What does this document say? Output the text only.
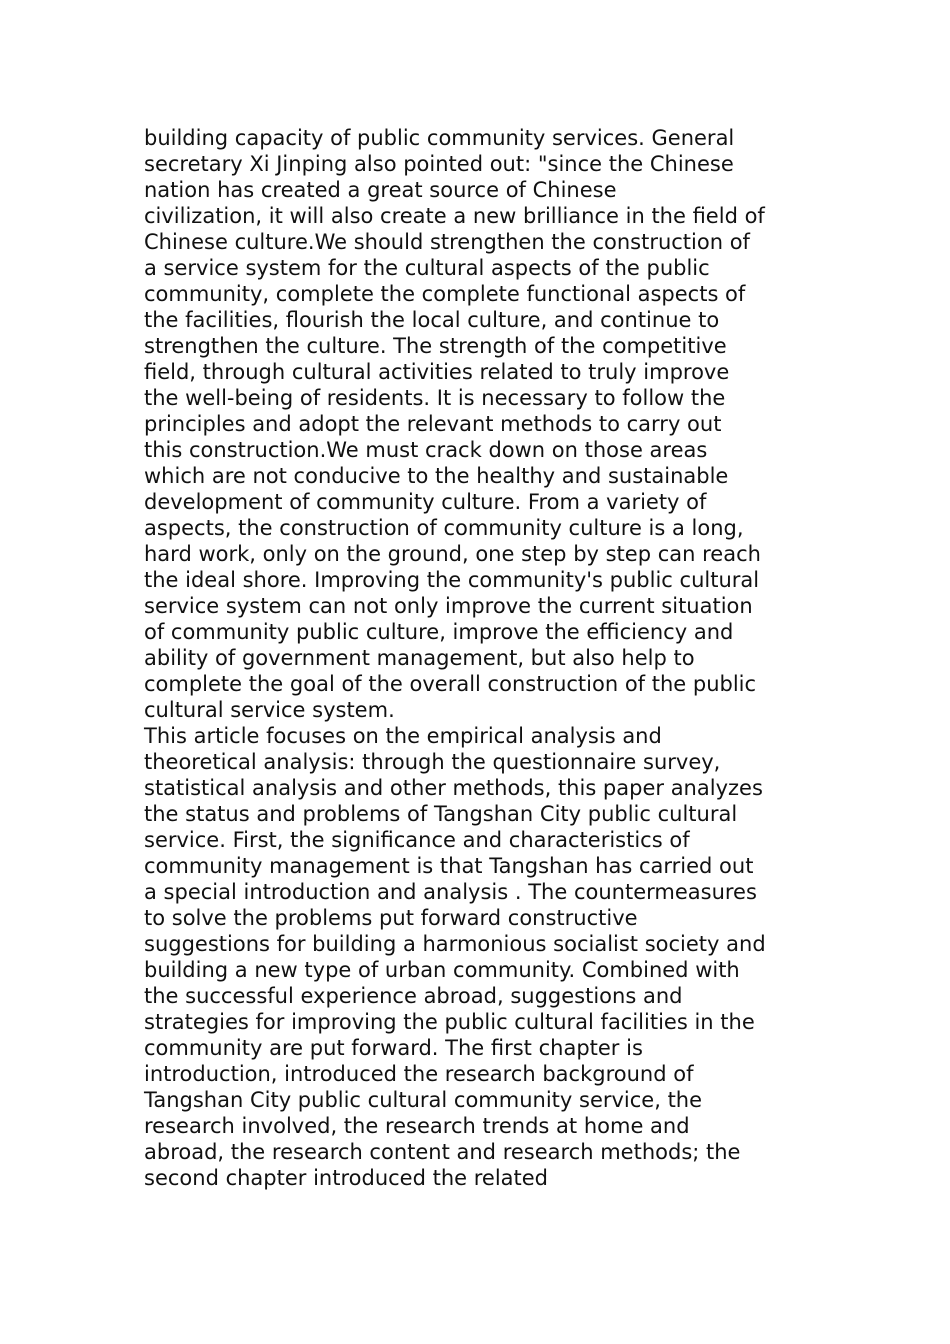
building capacity of public community services. General
secretary Xi Jinping also pointed out: "since the Chinese
nation has created a great source of Chinese
civilization, it will also create a new brilliance in the field of
Chinese culture.We should strengthen the construction of
a service system for the cultural aspects of the public
community, complete the complete functional aspects of
the facilities, flourish the local culture, and continue to
strengthen the culture. The strength of the competitive
field, through cultural activities related to truly improve
the well-being of residents. It is necessary to follow the
principles and adopt the relevant methods to carry out
this construction.We must crack down on those areas
which are not conducive to the healthy and sustainable
development of community culture. From a variety of
aspects, the construction of community culture is a long,
hard work, only on the ground, one step by step can reach
the ideal shore. Improving the community's public cultural
service system can not only improve the current situation
of community public culture, improve the efficiency and
ability of government management, but also help to
complete the goal of the overall construction of the public
cultural service system.
This article focuses on the empirical analysis and
theoretical analysis: through the questionnaire survey,
statistical analysis and other methods, this paper analyzes
the status and problems of Tangshan City public cultural
service. First, the significance and characteristics of
community management is that Tangshan has carried out
a special introduction and analysis . The countermeasures
to solve the problems put forward constructive
suggestions for building a harmonious socialist society and
building a new type of urban community. Combined with
the successful experience abroad, suggestions and
strategies for improving the public cultural facilities in the
community are put forward. The first chapter is
introduction, introduced the research background of
Tangshan City public cultural community service, the
research involved, the research trends at home and
abroad, the research content and research methods; the
second chapter introduced the related
